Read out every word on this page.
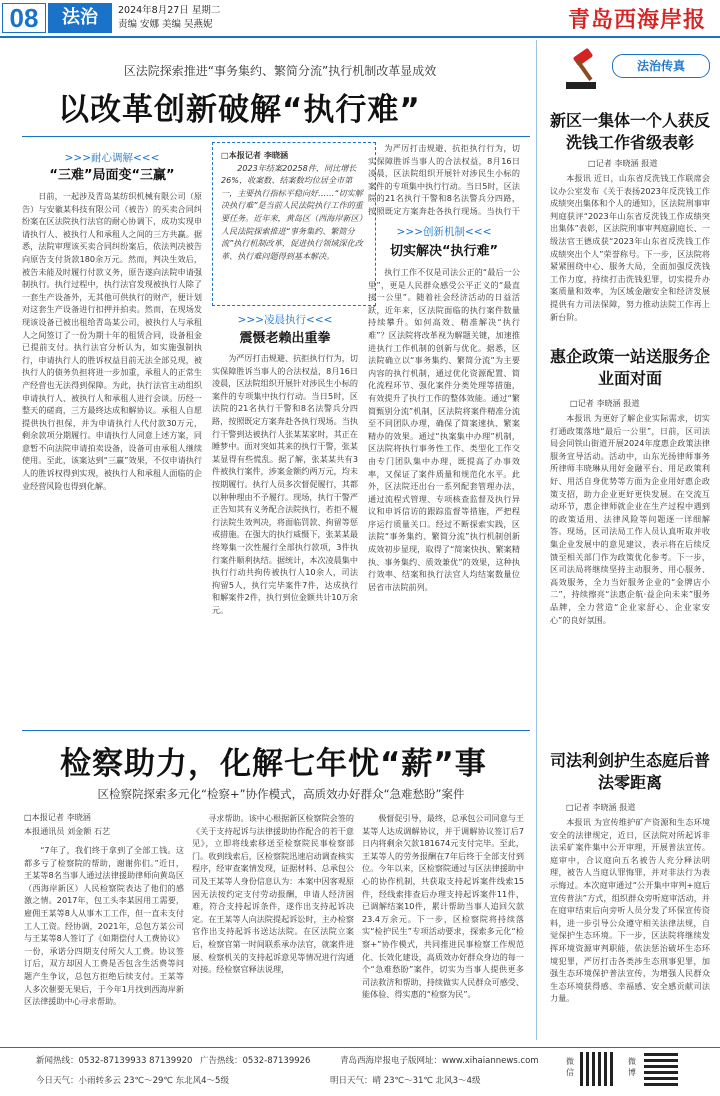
08	法治	2024年8月27日 星期二
责编 安娜 美编 吴燕妮	青岛西海岸报
区法院探索推进“事务集约、繁简分流”执行机制改革显成效
以改革创新破解“执行难”
>>>耐心调解<<<
“三难”局面变“三赢”

日前，一起涉及青岛某纺织机械有限公司（原告）与安徽某科技有限公司（被告）的买卖合同纠纷案在区法院执行法官的耐心协调下，成功实现申请执行人、被执行人和承租人之间的三方共赢。据悉，法院审理该买卖合同纠纷案后，依法判决被告向原告支付货款180余万元。然而，判决生效后，被告未能及时履行付款义务，原告遂向法院申请强制执行。执行过程中，执行法官发现被执行人除了一套生产设备外，无其他可供执行的财产，便计划对这套生产设备进行扣押并拍卖。然而，在现场发现该设备已被出租给青岛某公司，被执行人与承租人之间签订了一份为期十年的租赁合同，设备租金已提前支付。执行法官分析认为，如实施强制执行，申请执行人的胜诉权益目前无法全部兑现，被执行人的债务负担将进一步加重，承租人的正常生产经营也无法得到保障。为此，执行法官主动组织申请执行人、被执行人和承租人进行会谈。历经一整天的磋商，三方最终达成和解协议。承租人自愿提供执行担保，并为申请执行人代付款30万元，剩余款项分期履行。申请执行人同意上述方案，同意暂不向法院申请拍卖设备，设备可由承租人继续使用。至此，该案达到“三赢”效果，不仅申请执行人的胜诉权得到实现，被执行人和承租人面临的企业经营风险也得到化解。

□本报记者 李晓涵
2023年结案20258件，同比增长26%，收案数、结案数均位居全市第一，主要执行指标平稳向好……“切实解决执行难”是当前人民法院执行工作的重要任务。近年来，黄岛区（西海岸新区）人民法院探索推进“事务集约、繁简分流”执行机制改革，促进执行领域深化改革、执行难问题得到基本解决。
>>>凌晨执行<<<
震慑老赖出重拳

为严厉打击规避、抗拒执行行为，切实保障胜诉当事人的合法权益，8月16日凌晨，区法院组织开展针对涉民生小标的案件的专项集中执行行动。当日5时，区法院的21名执行干警和8名法警兵分四路，按照既定方案奔赴各执行现场。当执行干警到达被执行人张某某家时，其正在睡梦中。面对突如其来的执行干警，张某某显得有些慌乱。据了解，张某某共有3件被执行案件，涉案金额约两万元，均未按期履行。执行人员多次督促履行，其都以种种理由不予履行。现场，执行干警严正告知其有义务配合法院执行，若拒不履行法院生效判决，将面临罚款、拘留等惩戒措施。在强大的执行威慑下，张某某最终筹集一次性履行全部执行款项，3件执行案件顺利执结。据统计，本次凌晨集中执行行动共拘传被执行人10余人，司法拘留5人，执行完毕案件7件，达成执行和解案件2件，执行到位金额共计10万余元。

>>>创新机制<<<
切实解决“执行难”

为严厉打击规避、抗拒执行行为，切实保障胜诉当事人的合法权益，8月16日凌晨，区法院组织开展针对涉民生小标的案件的专项集中执行行动。当日5时，区法院的21名执行干警和8名法警兵分四路，按照既定方案奔赴各执行现场。当执行干

执行工作不仅是司法公正的“最后一公里”，更是人民群众感受公平正义的“最直接一公里”。随着社会经济活动的日益活跃，近年来，区法院面临的执行案件数量持续攀升。如何高效、精准解决“执行难”？区法院将改革视为解题关键，加速推进执行工作机制的创新与优化。据悉，区法院确立以“事务集约、繁简分流”为主要内容的执行机制，通过优化资源配置、简化流程环节、强化案件分类处理等措施，有效提升了执行工作的整体效能。通过“繁简甄别分流”机制，区法院将案件精准分流至不同团队办理，确保了简案速执、繁案精办的效果。通过“执案集中办理”机制，区法院将执行事务性工作、类型化工作交由专门团队集中办理，既提高了办事效率，又保证了案件质量和规范化水平。此外，区法院还出台一系列配套管理办法，通过流程式管理、专项核查监督及执行异议和申诉信访的跟踪监督等措施，严把程序运行质量关口。经过不断探索实践，区法院“事务集约、繁简分流”执行机制创新成效初步显现，取得了“简案快执、繁案精执、事务集约、质效兼优”的效果，这种执行效率、结案和执行法官人均结案数量位居省市法院前列。

法治传真
新区一集体一个人获反洗钱工作省级表彰
□记者 李晓涵 报道

本报讯 近日，山东省反洗钱工作联席会议办公室发布《关于表扬2023年反洗钱工作成绩突出集体和个人的通知》，区法院刑事审判庭获评“2023年山东省反洗钱工作成绩突出集体”表彰，区法院刑事审判庭副庭长、一级法官王德成获“2023年山东省反洗钱工作成绩突出个人”荣誉称号。下一步，区法院将紧紧围绕中心、服务大局，全面加强反洗钱工作力度，持续打击洗钱犯罪，切实提升办案质量和效率，为区域金融安全和经济发展提供有力司法保障，努力推动法院工作再上新台阶。

惠企政策一站送服务企业面对面
□记者 李晓涵 报道

本报讯 为更好了解企业实际需求，切实打通政策落地“最后一公里”，日前，区司法局会同铁山街道开展2024年度惠企政策法律服务宣导活动。活动中，山东光扬律师事务所律师丰晓琳从用好金融平台、用足政策利好、用活自身优势等方面为企业用好惠企政策支招，助力企业更好更快发展。在交流互动环节，惠企律师就企业在生产过程中遇到的政策适用、法律风险等问题逐一详细解答。现场，区司法局工作人员认真听取并收集企业发展中的意见建议，表示将在后续反馈至相关部门作为政策优化参考。下一步，区司法局将继续坚持主动服务、用心服务、高效服务，全力当好服务企业的“金牌店小二”，持续擦亮“法惠企航·益企向未来”服务品牌，全力营造“企业家舒心、企业家安心”的良好氛围。

司法利剑护生态庭后普法零距离
□记者 李晓涵 报道

本报讯 为宣传维护矿产资源和生态环境安全的法律规定，近日，区法院对所起诉非法采矿案件集中公开审理，开展普法宣传。庭审中，合议庭向五名被告人充分释法明理，被告人当庭认罪悔罪，并对非法行为表示悔过。本次庭审通过“公开集中审判+庭后宣传普法”方式，组织群众旁听庭审活动，并在庭审结束后向旁听人员分发了环保宣传资料，进一步引导公众遵守相关法律法规，自觉保护生态环境。下一步，区法院将继续发挥环境资源审判职能，依法惩治破坏生态环境犯罪，严厉打击各类涉生态刑事犯罪，加强生态环境保护普法宣传，为增强人民群众生态环境获得感、幸福感、安全感贡献司法力量。

检察助力，化解七年忧“薪”事
区检察院探索多元化“检察+”协作模式，高质效办好群众“急难愁盼”案件
□本报记者 李晓涵
本报通讯员 刘金额 石艺

“7年了，我们终于拿到了全部工钱。这都多亏了检察院的帮助，谢谢你们。”近日，王某等8名当事人通过法律援助律师向黄岛区（西海岸新区）人民检察院表达了他们的感激之情。2017年，包工头李某因用工需要，雇佣王某等8人从事木工工作，但一直未支付工人工资。经协调，2021年，总包方某公司与王某等8人签订了《如期偿付人工费协议》一份，承诺分四期支付所欠人工费。协议签订后，双方却因人工费是否包含生活费等问题产生争议，总包方拒绝后续支付。王某等人多次催要无果后，于今年1月找到西海岸新区法律援助中心寻求帮助。

寻求帮助。该中心根据新区检察院会签的《关于支持起诉与法律援助协作配合的若干意见》，立即将线索移送至检察院民事检察部门。收到线索后，区检察院迅速启动调查核实程序，经审查案情发现，证据材料、总承包公司及王某等人身份信息认为：本案中因客观原因无法按约定支付劳动报酬，申请人经济困难，符合支持起诉条件，遂作出支持起诉决定。在王某等人向法院提起诉讼时，主办检察官作出支持起诉书送达法院。在区法院立案后，检察官第一时间联系承办法官，就案件进展、检察机关的支持起诉意见等情况进行沟通对接。经检察官释法说理，

极督促引导，最终，总承包公司同意与王某等人达成调解协议，并于调解协议签订后7日内将剩余欠款181674元支付完毕。至此，王某等人的劳务报酬在7年后终于全部支付到位。今年以来，区检察院通过与区法律援助中心的协作机制，共获取支持起诉案件线索15件，经线索排查后办理支持起诉案件11件，已调解结案10件，累计帮助当事人追回欠款23.4万余元。下一步，区检察院将持续落实“检护民生”专项活动要求，探索多元化“检察+”协作模式，共同推进民事检察工作规范化、长效化建设，高质效办好群众身边的每一个“急难愁盼”案件，切实为当事人提供更多司法救济和帮助，持续做实人民群众可感受、能体验、得实惠的“检察为民”。

新闻热线：0532-87139933 87139920 广告热线：0532-87139926	青岛西海岸报电子版网址：www.xihaiannews.com
今日天气：小雨转多云 23℃～29℃ 东北风4～5级	明日天气：晴 23℃～31℃ 北风3～4级
微信
微博
